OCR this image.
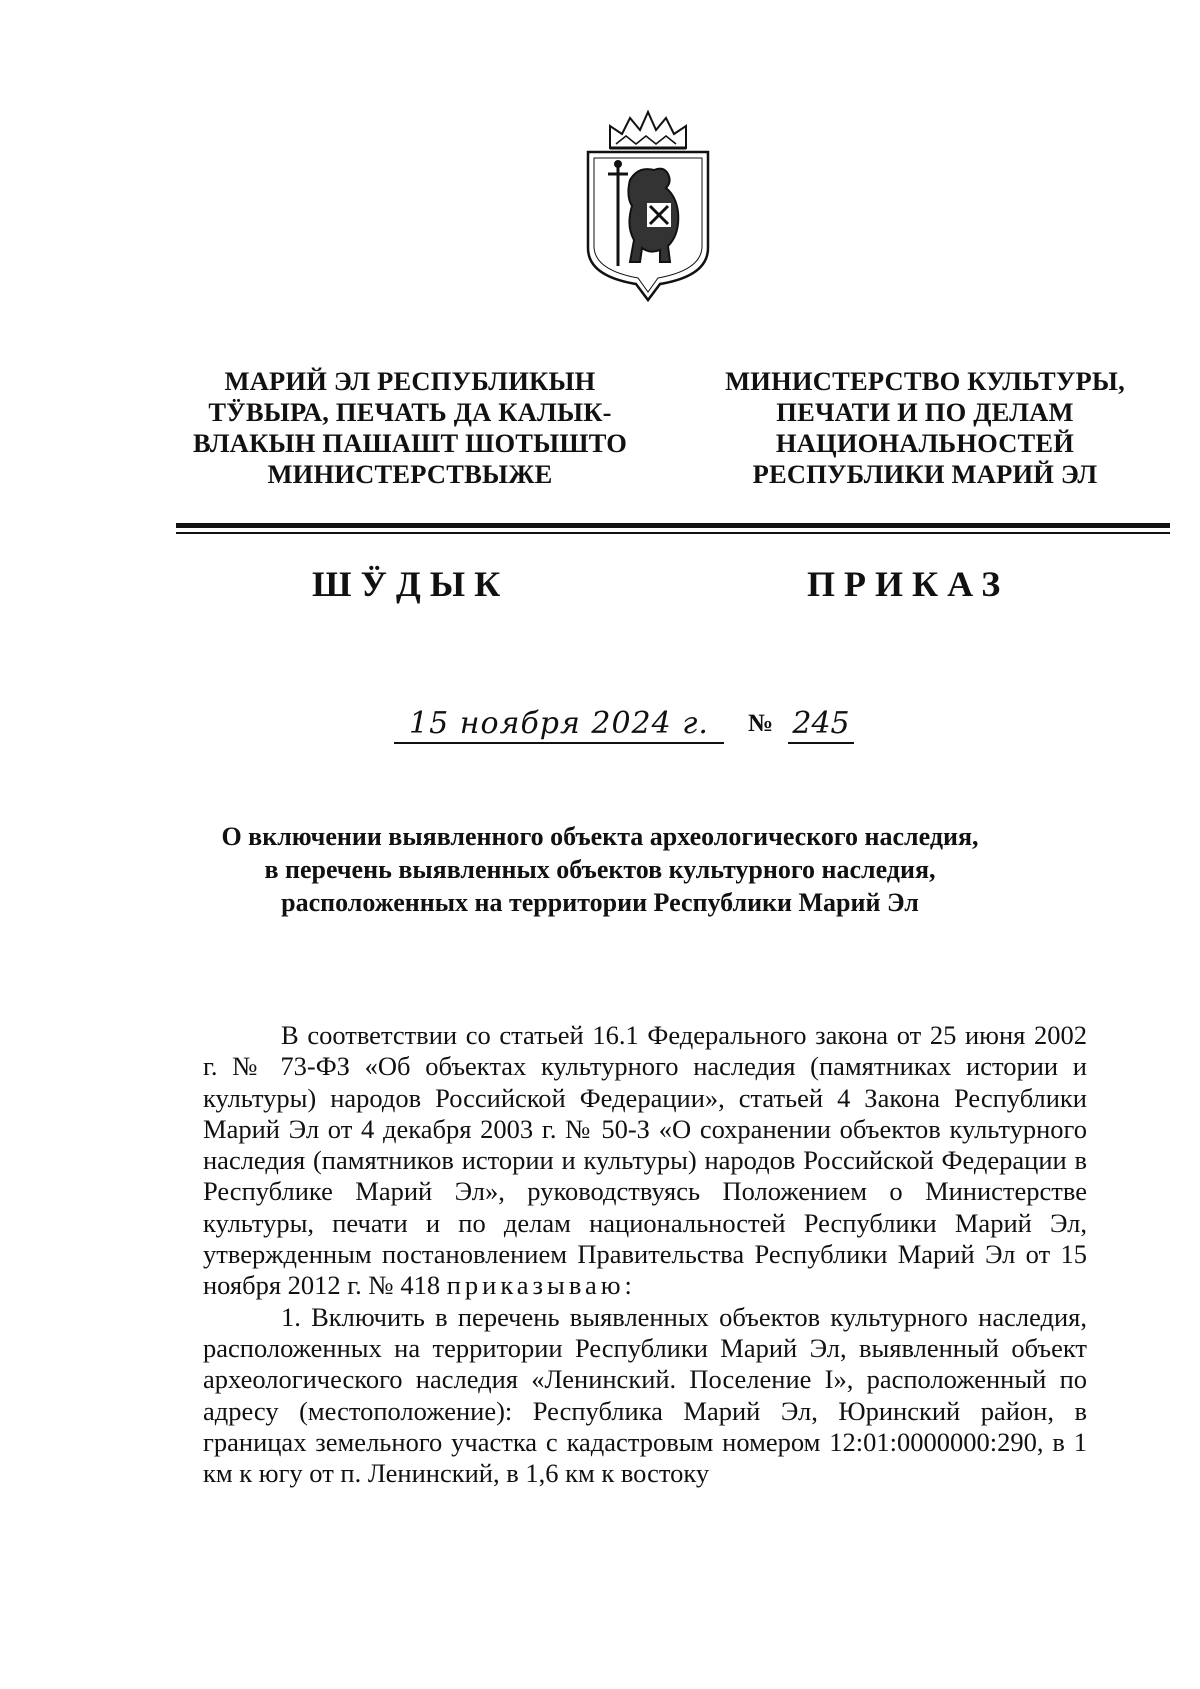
МАРИЙ ЭЛ РЕСПУБЛИКЫН
ТӰВЫРА, ПЕЧАТЬ ДА КАЛЫК-
ВЛАКЫН ПАШАШТ ШОТЫШТО
МИНИСТЕРСТВЫЖЕ
МИНИСТЕРСТВО КУЛЬТУРЫ,
ПЕЧАТИ И ПО ДЕЛАМ
НАЦИОНАЛЬНОСТЕЙ
РЕСПУБЛИКИ МАРИЙ ЭЛ
ШӰДЫК	ПРИКАЗ
15 ноября 2024 г.	№ 245
О включении выявленного объекта археологического наследия,
в перечень выявленных объектов культурного наследия,
расположенных на территории Республики Марий Эл

В соответствии со статьей 16.1 Федерального закона от 25 июня 2002 г. № 73-ФЗ «Об объектах культурного наследия (памятниках истории и культуры) народов Российской Федерации», статьей 4 Закона Республики Марий Эл от 4 декабря 2003 г. № 50-З «О сохранении объектов культурного наследия (памятников истории и культуры) народов Российской Федерации в Республике Марий Эл», руководствуясь Положением о Министерстве культуры, печати и по делам национальностей Республики Марий Эл, утвержденным постановлением Правительства Республики Марий Эл от 15 ноября 2012 г. № 418 приказываю:

1. Включить в перечень выявленных объектов культурного наследия, расположенных на территории Республики Марий Эл, выявленный объект археологического наследия «Ленинский. Поселение I», расположенный по адресу (местоположение): Республика Марий Эл, Юринский район, в границах земельного участка с кадастровым номером 12:01:0000000:290, в 1 км к югу от п. Ленинский, в 1,6 км к востоку
